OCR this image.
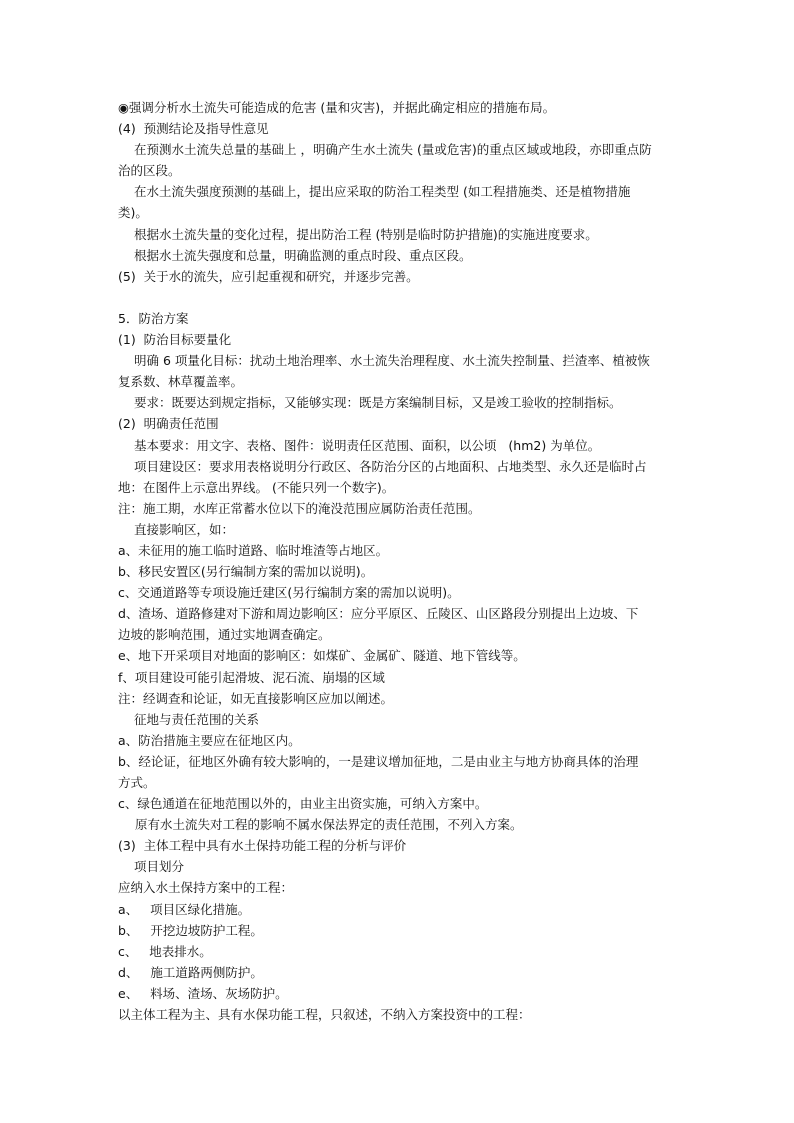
◉强调分析水土流失可能造成的危害 (量和灾害)，并据此确定相应的措施布局。
(4)  预测结论及指导性意见
在预测水土流失总量的基础上 ，明确产生水土流失 (量或危害)的重点区域或地段，亦即重点防
治的区段。
在水土流失强度预测的基础上，提出应采取的防治工程类型 (如工程措施类、还是植物措施
类)。
根据水土流失量的变化过程，提出防治工程 (特别是临时防护措施)的实施进度要求。
根据水土流失强度和总量，明确监测的重点时段、重点区段。
(5)  关于水的流失，应引起重视和研究，并逐步完善。
5．防治方案
(1)  防治目标要量化
明确 6 项量化目标：扰动土地治理率、水土流失治理程度、水土流失控制量、拦渣率、植被恢
复系数、林草覆盖率。
要求：既要达到规定指标，又能够实现：既是方案编制目标，又是竣工验收的控制指标。
(2)  明确责任范围
基本要求：用文字、表格、图件：说明责任区范围、面积，以公顷   (hm2) 为单位。
项目建设区：要求用表格说明分行政区、各防治分区的占地面积、占地类型、永久还是临时占
地：在图件上示意出界线。 (不能只列一个数字)。
注：施工期，水库正常蓄水位以下的淹没范围应属防治责任范围。
直接影响区，如：
a、未征用的施工临时道路、临时堆渣等占地区。
b、移民安置区(另行编制方案的需加以说明)。
c、交通道路等专项设施迁建区(另行编制方案的需加以说明)。
d、渣场、道路修建对下游和周边影响区：应分平原区、丘陵区、山区路段分别提出上边坡、下
边坡的影响范围，通过实地调查确定。
e、地下开采项目对地面的影响区：如煤矿、金属矿、隧道、地下管线等。
f、项目建设可能引起滑坡、泥石流、崩塌的区域
注：经调查和论证，如无直接影响区应加以阐述。
征地与责任范围的关系
a、防治措施主要应在征地区内。
b、经论证，征地区外确有较大影响的，一是建议增加征地，二是由业主与地方协商具体的治理
方式。
c、绿色通道在征地范围以外的，由业主出资实施，可纳入方案中。
原有水土流失对工程的影响不属水保法界定的责任范围，不列入方案。
(3)  主体工程中具有水土保持功能工程的分析与评价
项目划分
应纳入水土保持方案中的工程：
a、   项目区绿化措施。
b、   开挖边坡防护工程。
c、   地表排水。
d、   施工道路两侧防护。
e、   料场、渣场、灰场防护。
以主体工程为主、具有水保功能工程，只叙述，不纳入方案投资中的工程：
